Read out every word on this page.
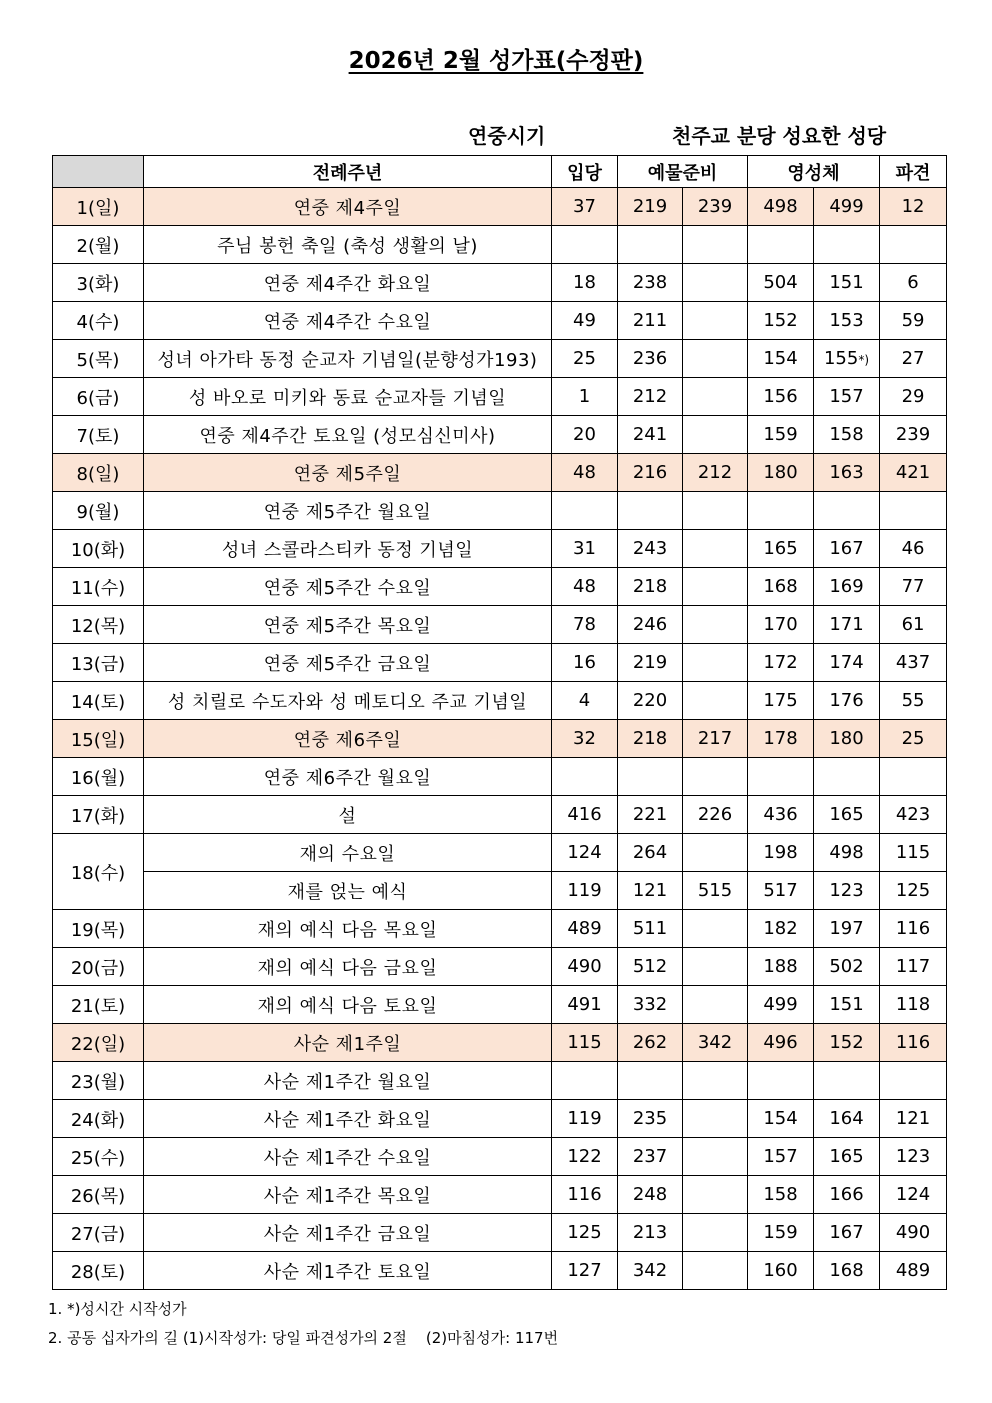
2026년 2월 성가표(수정판)
연중시기	천주교 분당 성요한 성당
	전례주년	입당	예물준비		영성체		파견
1(일)	연중 제4주일	37	219	239	498	499	12
2(월)	주님 봉헌 축일 (축성 생활의 날)						
3(화)	연중 제4주간 화요일	18	238		504	151	6
4(수)	연중 제4주간 수요일	49	211		152	153	59
5(목)	성녀 아가타 동정 순교자 기념일(분향성가193)	25	236		154	155*)	27
6(금)	성 바오로 미키와 동료 순교자들 기념일	1	212		156	157	29
7(토)	연중 제4주간 토요일 (성모심신미사)	20	241		159	158	239
8(일)	연중 제5주일	48	216	212	180	163	421
9(월)	연중 제5주간 월요일						
10(화)	성녀 스콜라스티카 동정 기념일	31	243		165	167	46
11(수)	연중 제5주간 수요일	48	218		168	169	77
12(목)	연중 제5주간 목요일	78	246		170	171	61
13(금)	연중 제5주간 금요일	16	219		172	174	437
14(토)	성 치릴로 수도자와 성 메토디오 주교 기념일	4	220		175	176	55
15(일)	연중 제6주일	32	218	217	178	180	25
16(월)	연중 제6주간 월요일						
17(화)	설	416	221	226	436	165	423
18(수)	재의 수요일	124	264		198	498	115
	재를 얹는 예식	119	121	515	517	123	125
19(목)	재의 예식 다음 목요일	489	511		182	197	116
20(금)	재의 예식 다음 금요일	490	512		188	502	117
21(토)	재의 예식 다음 토요일	491	332		499	151	118
22(일)	사순 제1주일	115	262	342	496	152	116
23(월)	사순 제1주간 월요일						
24(화)	사순 제1주간 화요일	119	235		154	164	121
25(수)	사순 제1주간 수요일	122	237		157	165	123
26(목)	사순 제1주간 목요일	116	248		158	166	124
27(금)	사순 제1주간 금요일	125	213		159	167	490
28(토)	사순 제1주간 토요일	127	342		160	168	489
1. *)성시간 시작성가
2. 공동 십자가의 길 (1)시작성가: 당일 파견성가의 2절    (2)마침성가: 117번
